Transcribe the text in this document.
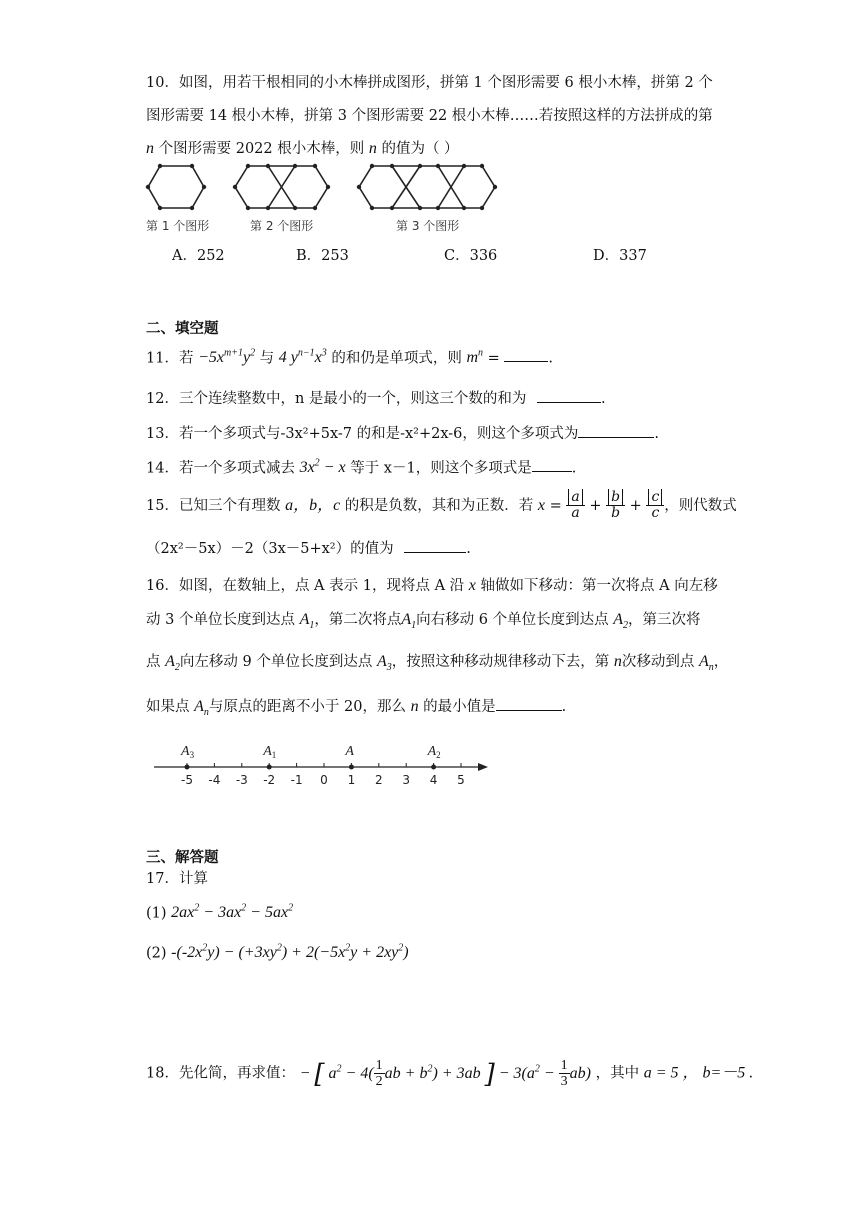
10．如图，用若干根相同的小木棒拼成图形，拼第 1 个图形需要 6 根小木棒，拼第 2 个
图形需要 14 根小木棒，拼第 3 个图形需要 22 根小木棒……若按照这样的方法拼成的第
n 个图形需要 2022 根小木棒，则 n 的值为（ ）
第 1 个图形	第 2 个图形	第 3 个图形
A．252	B．253	C．336	D．337
二、填空题
11．若 $-5x^{m+1}y^2$ 与 4 $y^{n-1}x^3$ 的和仍是单项式，则 $m^n$ =	.
12．三个连续整数中，n 是最小的一个，则这三个数的和为	.
13．若一个多项式与-3x²+5x-7 的和是-x²+2x-6，则这个多项式为	.
14．若一个多项式减去 $3x^2 - x$ 等于 x－1，则这个多项式是	.
15．已知三个有理数 a，b，c 的积是负数，其和为正数．若 $x = \frac{a}{a} + \frac{b}{b} + \frac{c}{c}$ ，则代数式
（2x²－5x）－2（3x－5+x²）的值为	.
16．如图，在数轴上，点 A 表示 1，现将点 A 沿 x 轴做如下移动：第一次将点 A 向左移
动 3 个单位长度到达点 $A_1$，第二次将点$A_1$向右移动 6 个单位长度到达点 $A_2$，第三次将
点 $A_2$向左移动 9 个单位长度到达点 $A_3$，按照这种移动规律移动下去，第 n次移动到点 $A_n$，
如果点 $A_n$与原点的距离不小于 20，那么 n 的最小值是	.
-5 -4 -3 -2 -1 0 1 2 3 4 5
$A_3$	$A_1$	A	$A_2$
三、解答题
17．计算
(1) $2ax^2 - 3ax^2 - 5ax^2$
(2) $-(-2x^2y) - (+3xy^2) + 2(-5x^2y + 2xy^2)$
18．先化简，再求值： − [ $a^2 - 4( \frac{1}{2}$ ab + $b^2) + 3ab$ ] − $3(a^2 - \frac{1}{3} ab)$ ，其中 a = 5 ， b=－5 .
